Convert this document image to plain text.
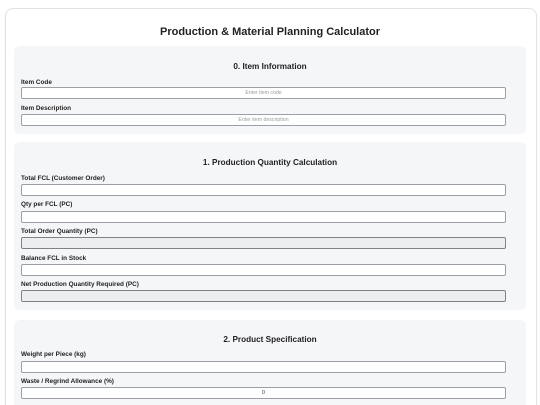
Production & Material Planning Calculator
0. Item Information
Item Code
Enter item code
Item Description
Enter item description
1. Production Quantity Calculation
Total FCL (Customer Order)
Qty per FCL (PC)
Total Order Quantity (PC)
Balance FCL in Stock
Net Production Quantity Required (PC)
2. Product Specification
Weight per Piece (kg)
Waste / Regrind Allowance (%)
0
